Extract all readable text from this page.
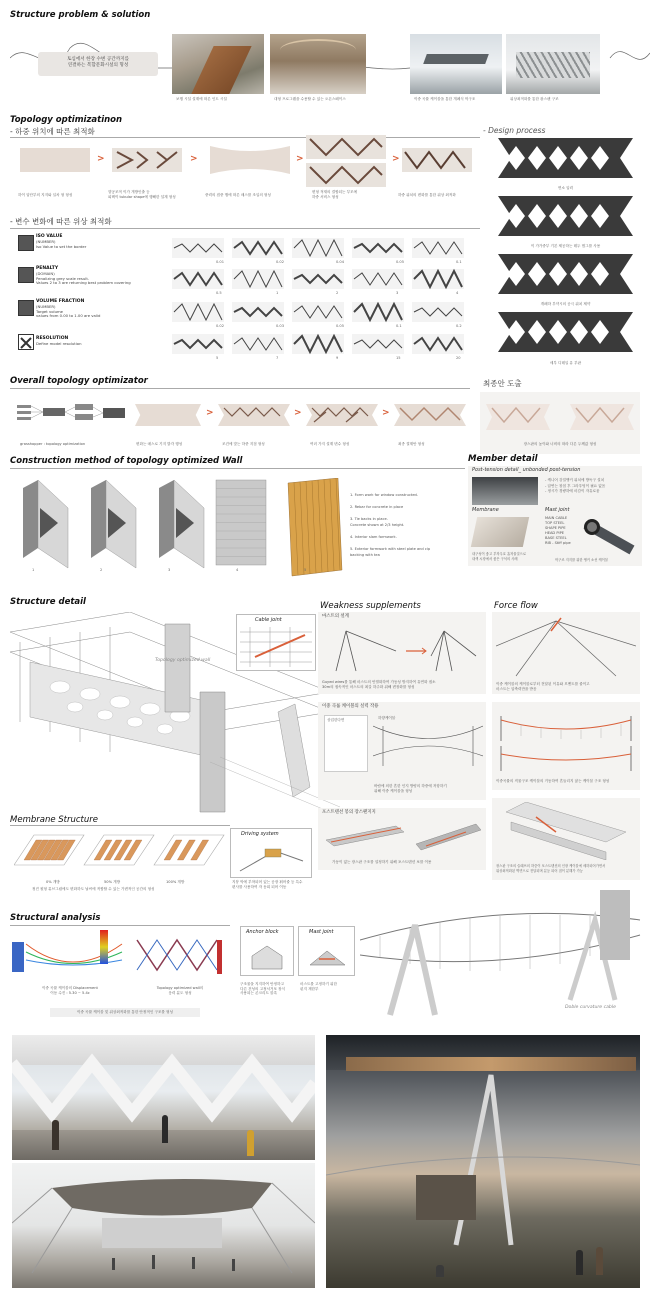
Structure problem & solution
토심에서 한장 수변 공간까지를
연결하는 복합문화시설의 형성
보행 시설 설계에 따른 인도 시설	대형 프로그램을 수용할 수 있는 오픈스페이스	이중 곡률 케이블을 통한 개폐식 막구조	위상최적화를 통한 광스팬 구조
Topology optimizatinon
- 하중 위치에 따른 최적화
>	>	>	>
하이 앙단부의 지지와 일차 형 형성
향공조적 이가 개방인출 등
피택이 tubular shape에 행해한 설계 형성	중력의 집중 행에 따른 매스를 조입의 형성
변형 적재의 결합되는 부모에
하중 서비스 형성	하중 위치의 변화를 통한 위상 최적화
- 변수 변화에 따른 위상 최적화
ISO VALUE
(NUMBER)
Iso Value to set the border
PENALTY
(DOMAIN)
Penalizing grey scale result.
Values 2 to 3 are returning best problem covering
VOLUME FRACTION
(NUMBER)
Target volume
values from 0.00 to 1.00 are valid
RESOLUTION
Define model resolution
0.01	0.02	0.04	0.05	0.1
0.5	1	2	3	4
0.02	0.03	0.05	0.1	0.2
5	7	9	15	20
- Design process
면소 입력
이 가가중부 기본 제공하는 테두 범그를 사용
개폐하 부약시의 공극 위치 제약
세부 디테일 유 부판
Overall topology optimizator
>	>	>
grasshopper : topology optimization	변화는 매스로 기지 밝각 행성	조건에 맞는 하중 지점 형성	여러 가지 설계 변수 형성	최종 결계안 형성
최종안 도출
장스판의 높이와 너비의 따라 다른 두께값 형성
Construction method of topology optimized Wall
1	2	3	4	5
1. Form work for window constructed.
2. Rebar for concrete in place
3. Tie backs in place.
Concrete shown at 2/3 height.
4. Interior slam formwork.
5. Exterior formwork with steel plate and cip
backing with tea
Member detail
Post-tension detail_ unbonded post-tension
- 케니어 강밀앵커 위치에 방독구 설치
- 압연는 창침 후 그라우팅이 필요 없음
- 정시가 경량하에 마감이 자유로움
Membrane	Mast joint
MAIN CABLE
TOP STEEL
SHAPE PIPE
HEAD PIPE
BASE STEEL
RIB - Stiff pipe
내구성이 좋고 부착우호 흡착물질으로
내색 시장에서 좋은 구석의 사례	막구조 지지를 위한 앵커 소선 케이블
Structure detail
Topology optimized wall
Cable joint
Weakness supplements
마스트의 설계
Guyed wires를 통해 마스트의 안벌화하여 가동성 방지하여 유연화 접소
30m의 접속적인 마스트의 최갈 하주화 위해 변장화를 형성
이중 곡률 케이블의 실력 작용
상업한다면	하향케이블
바람에 의한 흔한 인지 방양의 하중에 저항하기
위해 이중 케이블을 형성
포스트텐션 봉의 장스팬지지
가동이 없는 장스판 구조를 설정하기 위해 포스트텐션 보를 이용
Force flow
이중 케이블의 케이블로부터 전달된 이유와 모멘트를 줄이고
마스트는 압축력만을 받음
이중곡률의 직물구조 케이블의 거동하여 흔들리지 않는 케이블 구조 형성
장스판 구조의 슬래브의 하중이 포스트텐션의 인장 케이블에 세하되어가면서
위상최적화된 벽면으로 전달되며 분등 되어 접이 분해가 가능
Membrane Structure
0% 개방	50% 개방	100% 개방
정진 원형 튜브그림에도 변화하도 날씨에 적합할 수 있는 가변적인 공간의 형성
Driving system
지붕 막에 부착되어 있는 공장 휘어줄 등 특수
편사를 사용하여 자 동희 되어 이동
Structural analysis
이중 곡률 케이블의 Displacement
이동 수진 : 5.30 ~ 5.4c
Topology optimized wall의
응력 분도 형성
이중 곡률 케이블 및 위상최적화를 통한 안정적인 구조를 형성
Anchor block	Mast joint
구조물을 지지하여 안정하고
다른 건성의 고정서거포 장식
사용되는 콘크리트 블록
마스트를 고정하기 위한
핀지 재한부
Doble curvature cable
